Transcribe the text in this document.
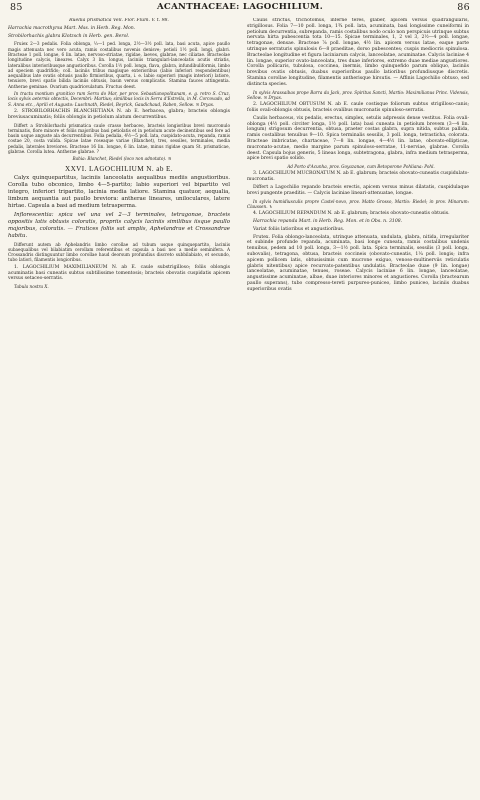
85	ACANTHACEAE: LAGOCHILIUM.	86

Ruellia prismatica Vell. Flor. Flum. V. t. 98.

Harrachia macrothyrsa Mart. Mss. in Herb. Reg. Mon.

Strobilorhachis glabra Klotzsch in Herb. gen. Berol.

Fruiex 2—3 pedalis. Folia oblonga, ⅓—1 ped. longa, 2½—3½ poll. lata, basi acuta, apice paullo magis attenuata nec vero acuta, ramis costalibus novenis denisve; petioli 1½ poll. longi, glabri. Bracteae 1 poll. longae, 6 lin. latae, nervoso-striatae, rigidae, laeves, glabrae, nec ciliatae. Bracteolae longitudine calycis, lineares. Calyx 3 lin. longus, laciniis triangulari-lanceolatis acutis striatis, lateralibus interioribusque angustioribus. Corolla 1½ poll. longa, flava, glabra, infundibuliformis, limbo ad speciem quadrifido; coll. laciniis tribus magisque exterioribus (labio inferiori respondentibus) aequalibus late ovatis obtusis paullo firmioribus, quarta, i. e. labio superiori (magis interiori) latiore, tenuiore, brevi spatio bilida laciniis obtusis, basin versus complicatis. Stamina fauces attingentia. Antherae geminae. Ovarium quadriovulatum. Fructus deest.

In tractu montium granitico rum Serra do Mar, per prov. Sebastianopolitanam, e. g. retro S. Cruz, locis sylvis aeternis obtectis, Decembri: Martius; similibus locis in Serra d'Estrella, in M. Corcovado, ad S. Anna etc., Aprili et Augusto: Luschnath, Riedel, Beyrick, Gaudichaud, Raben, Sellow. ♃ Dryas.

2. STROBILORHACHIS BLANCHETIANA N. ab E. herbacea, glabra; bracteis oblongis breviusacuminatis; foliis oblongis in petiolum alatum decurrentibus.

Differt a Strobilorhachi prismatica caule crasso herbaceo, bracteis longioribus brevi mucronulo terminatis, flore minore et foliis majoribus basi petiolatis et in petiolum acute decinentibus sed fere ad basin usque anguste ala decurrentibus. Folia pedalia, 4½—5 poll. lata, cuspidato-acuta, repanda, ramis costae 20, costa valida. Spicae latae roseaque variae (Blanchet), tres, sessiles, terminales, media pedalis, laterales breviores. Bracteae 16 lin. longae, 6 lin. latae, minus rigidae quam St. prismaticae, glabrae. Corolla lutea. Antherae glabrae. ?

Bahia: Blanchet, Riedel (loco non adnotato). ♃

XXVI. LAGOCHILIUM N. ab E.

Calyx quinquepartitus, laciniis lanceolatis aequalibus mediis angustioribus. Corolla tubo obconico, limbo 4—5-partito; labio superiori vel bipartito vel integro, inferiori tripartito, lacinia media latiore. Stamina quatuor, aequalia, limbum aequantia aut paullo breviora: antherae lineares, uniloculares, latere hirtae. Capsula a basi ad medium tetrasperma.

Inflorescentia: spica vel una vel 2—3 terminales, tetragonae, bracteis oppositis latis obtusis coloratis, propriis calycis laciniis similibus iisque paullo majoribus, coloratis. — Frutices foliis sat amplis, Aphelandrae et Crossandrae habitu.

Differunt autem ab Aphelandris limbo corollae ad tubum usque quinquepartito, laciniis subaequalibus vel bilabiatim cerollam referentibus et capsula a basi nec a medio seminifera. A Crossandris distinguuntur limbo corollae haud deorsum profundius discreto subbilabiato, et secundo, tubo latiori, filamentis longioribus.

1. LAGOCHILIUM MAXIMILIANEUM N. ab E. caule substrigilloso; foliis oblongis acuminatis basi cuneatis subtus subtilissime tomentosis; bracteis obovatis cuspidatis apicem versus setaceo-serratis.

Tabula nostra X.

Caulis strictus, trichotomus, inferne teres, glaber, apicem versus quadrangularis, strigillosus. Folia 7—10 poll. longa, 1¾ poll. lata, acuminata, basi longissime cuneiformi in petiolum decurrentia, subrepanda, ramis costalibus nodo oculo non perspicuis utrinque subtus nervata hirta pubescentia tota 10—15. Spicae terminales, 1, 2 vel 3, 2½—4 poll. longae, tetragonae, densae. Bracteae ⅞ poll. longae, 4½ lin. apicem versus latae, eaque parte utrinque serraturis spinulosis 6—8 praeditae, dorso pubescentes; cuspis mediocris spinulosa. Bracteolae longitudine et figura laciniarum calycis, lanceolatae, acuminatae. Calycis laciniae 4 lin. longae, superior ovato-lanceolata, tres duae inferiores, extremo duae mediae angustiores. Corolla pollicaris, tubulosa, coccinea, inermis, limbo quinquefido parum obliquo, laciniis brevibus ovatis obtusis, duabus superioribus paullo latioribus profundiusque discretis. Stamina corollae longitudine, filamentis antherisque hirsutis. — Affinis Lagochilio obtuso, sed distincta species.

In sylvis Arassaibas prope Barra da Jack, prov. Spiritus Sancti, Martio: Maximilianus Princ. Vidensis, Sellow. ♃ Dryas.

2. LAGOCHILIUM OBTUSUM N. ab E. caule costisque foliorum subtus strigilloso-canis; foliis ovali-oblongis obtusis, bracteis ovalibus mucronatis spinuloso-serratis.

Caulis herbaceus, vix pedalis, erectus, simplex, setulis adpressis dense vestitus. Folia ovali-oblonga (4½ poll. circiter longa, 1½ poll. lata) basi cuneata in petiolum brevem (3—4 lin. longum) strigosum decurrentia, obtusa, praeter costas glabra, supra nitida, subtus pallida, ramis costalibus tenuibus 9—10. Spica terminalis sessilis, 3 poll. longa, tetrasticha, colorata. Bracteae imbricatae, chartaceae, 7—8 lin. longae, 4—4½ lin. latae, obovato-ellipticae, mucronato-acutae, medio margine parum spinuloso-serratae, 11-nerviae, glabrae. Corolla deest. Capsula bojus generis, 5 lineas longa, subtetragona, glabra, infra medium tetrasperma, apice brevi spatio solido.

Ad Porto d'Acunha, prov. Goyazanae, cum Betoporone Pohliana: Pohl.

3. LAGOCHILIUM MUCRONATUM N. ab E. glabrum; bracteis obovato-cuneatis cuspidulato-mucronatis.

Differt a Lagochilio repando bracteis erectis, apicem versus minus dilatatis, cuspidulaque brevi pungente praeditis. — Calycis laciniae lineari-attenuatae, longae.

In sylvis humidiusculis propre Castel-novo, prov. Matto Grosso, Martio: Riedel; in prov. Minarum: Claussen. ♄

4. LAGOCHILIUM REPANDUM N. ab E. glabrum; bracteis obovato-cuneatis obtusis.

Harrachia repanda Mart. in Herb. Reg. Mon. et in Obs. n. 3108.

Variat foliis latioribus et angustioribus.

Frutex. Folia oblongo-lanceolata, utrinque attenuata, undulata, glabra, nitida, irregulariter et subinde profunde repanda, acuminata, basi longe cuneata, ramis costalibus undenis tenuibus, pedem ad 10 poll. longa, 3—1½ poll. lata. Spica terminalis, sessilis (3 poll. longa, subovalis), tetragona, obtusa, bracteis coccineis (obovato-cuneatis, 1¼ poll. longis; infra apicem pollicem latis, obtusissimis cum mucrone exiguo, venoso-multinerviis reticulatis glabris nitentibus) apice recurvato-patentibus undulatis. Bracteolae duae (9 lin. longae) lanceolatae, acuminatae, tenues, roseae. Calycis laciniae 6 lin. longae, lanceolatae, angustissime acuminatae, albae, duae interiores minores et angustiores. Corolla (bractearum paullo superans), tubo compresso-tereti purpureo-puniceo, limbo puniceo, laciniis duabus superioribus ovatis
